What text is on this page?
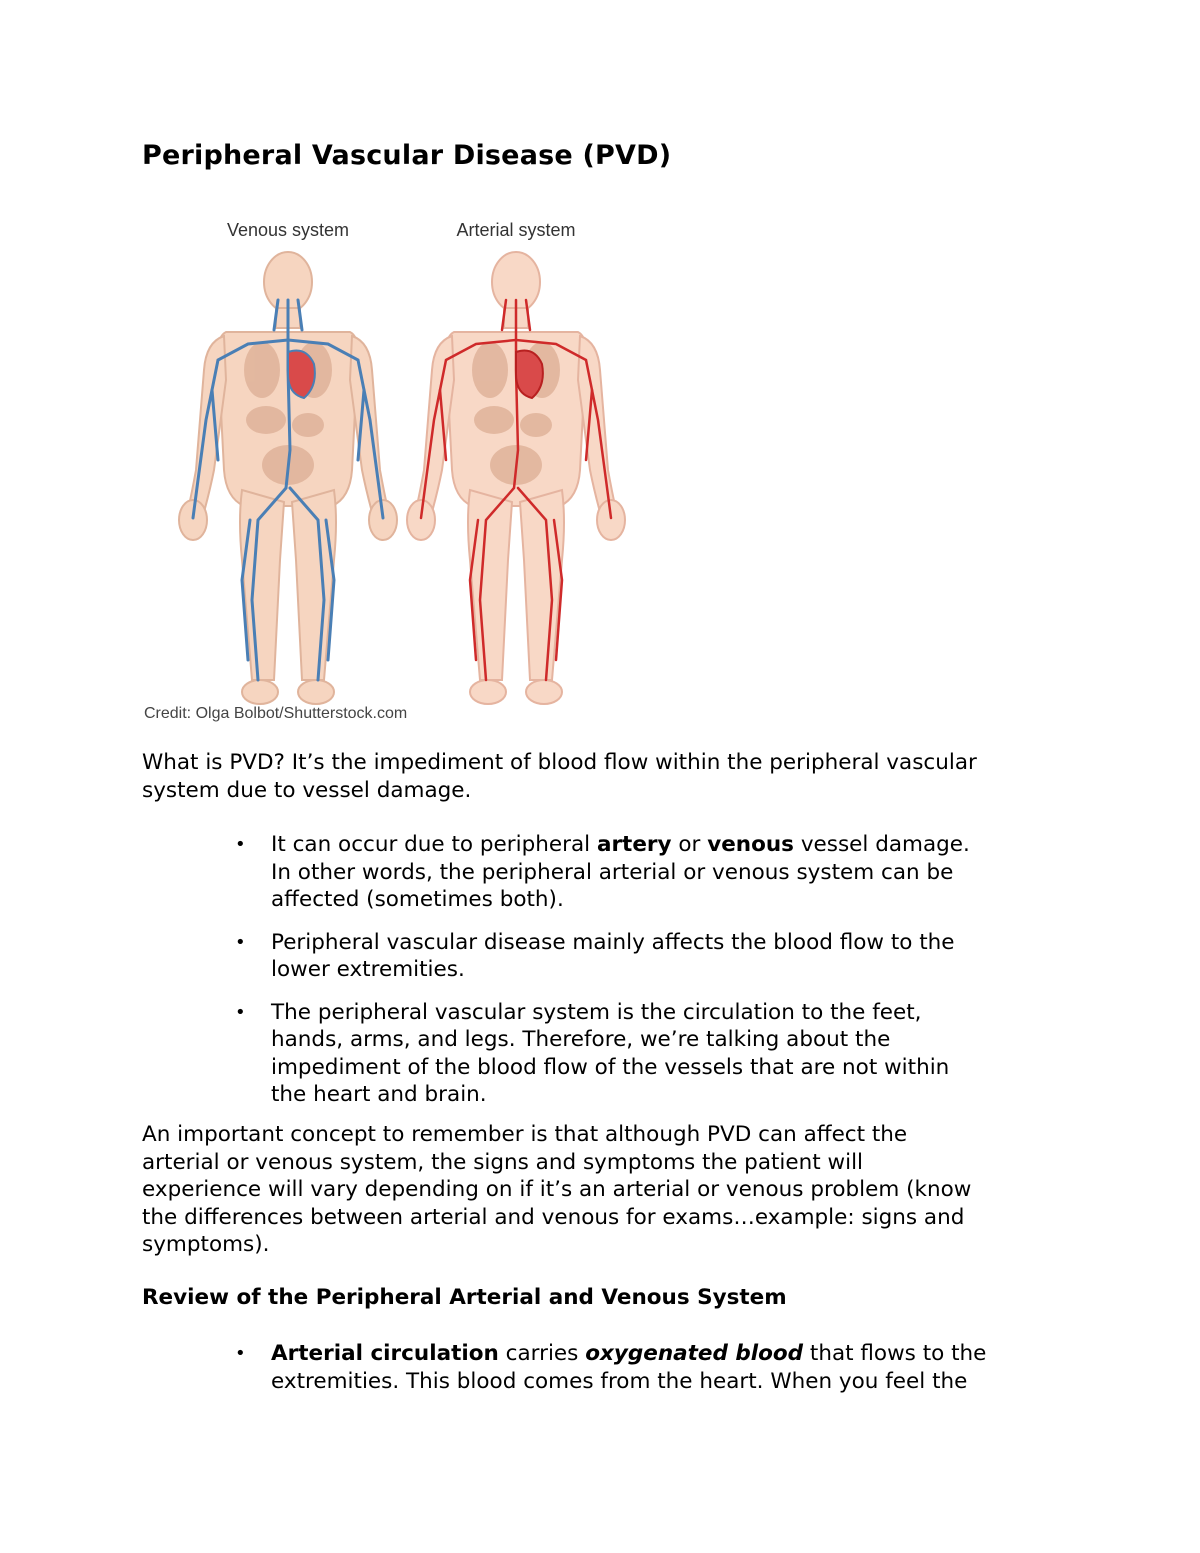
Peripheral Vascular Disease (PVD)
Venous system	Arterial system
Credit: Olga Bolbot/Shutterstock.com

What is PVD? It’s the impediment of blood flow within the peripheral vascular
system due to vessel damage.

• It can occur due to peripheral artery or venous vessel damage.
In other words, the peripheral arterial or venous system can be
affected (sometimes both).
• Peripheral vascular disease mainly affects the blood flow to the
lower extremities.
• The peripheral vascular system is the circulation to the feet,
hands, arms, and legs. Therefore, we’re talking about the
impediment of the blood flow of the vessels that are not within
the heart and brain.

An important concept to remember is that although PVD can affect the
arterial or venous system, the signs and symptoms the patient will
experience will vary depending on if it’s an arterial or venous problem (know
the differences between arterial and venous for exams…example: signs and
symptoms).

Review of the Peripheral Arterial and Venous System
• Arterial circulation carries oxygenated blood that flows to the
extremities. This blood comes from the heart. When you feel the
